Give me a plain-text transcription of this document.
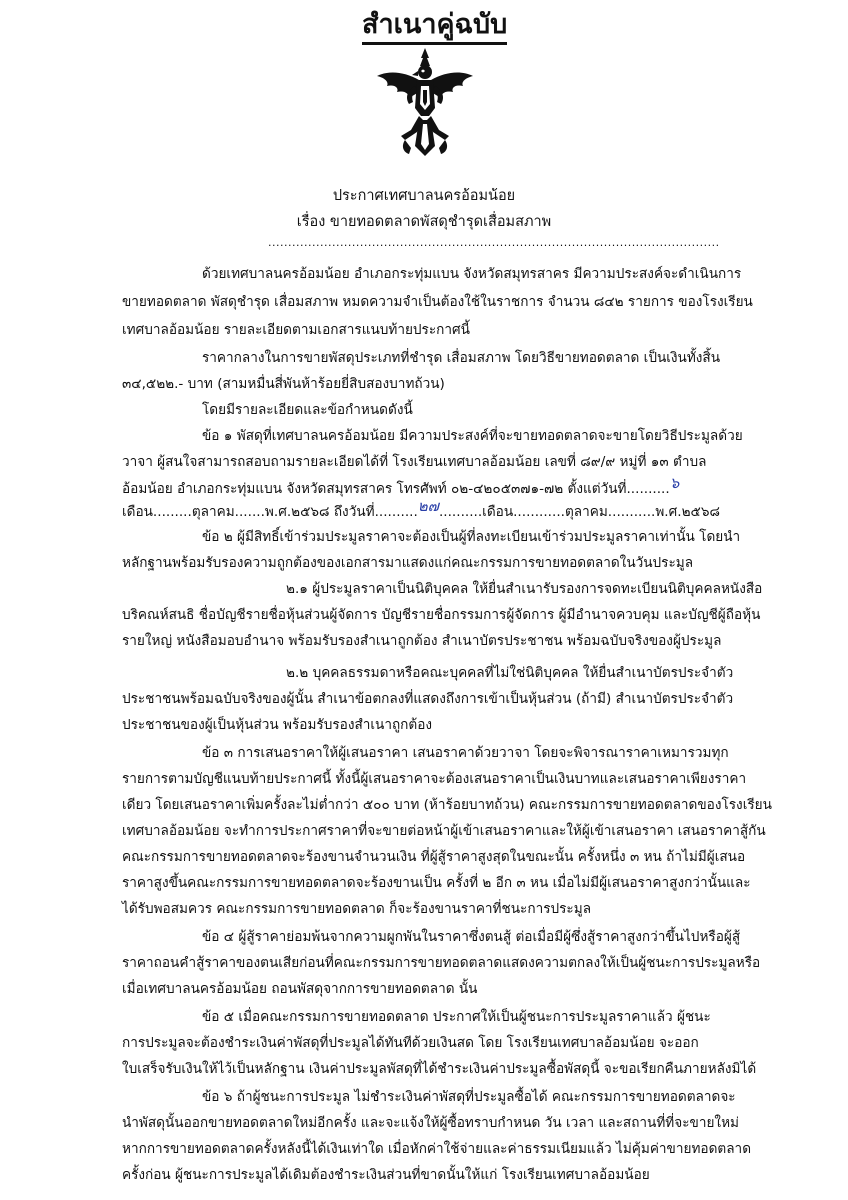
สำเนาคู่ฉบับ
ประกาศเทศบาลนครอ้อมน้อย
เรื่อง ขายทอดตลาดพัสดุชำรุดเสื่อมสภาพ
.................................................................................................................
ด้วยเทศบาลนครอ้อมน้อย อำเภอกระทุ่มแบน จังหวัดสมุทรสาคร มีความประสงค์จะดำเนินการ
ขายทอดตลาด พัสดุชำรุด เสื่อมสภาพ หมดความจำเป็นต้องใช้ในราชการ จำนวน ๘๔๒ รายการ ของโรงเรียน
เทศบาลอ้อมน้อย รายละเอียดตามเอกสารแนบท้ายประกาศนี้
ราคากลางในการขายพัสดุประเภทที่ชำรุด เสื่อมสภาพ โดยวิธีขายทอดตลาด เป็นเงินทั้งสิ้น
๓๔,๕๒๒.- บาท (สามหมื่นสี่พันห้าร้อยยี่สิบสองบาทถ้วน)
โดยมีรายละเอียดและข้อกำหนดดังนี้
ข้อ ๑ พัสดุที่เทศบาลนครอ้อมน้อย มีความประสงค์ที่จะขายทอดตลาดจะขายโดยวิธีประมูลด้วย
วาจา ผู้สนใจสามารถสอบถามรายละเอียดได้ที่ โรงเรียนเทศบาลอ้อมน้อย เลขที่ ๘๙/๙ หมู่ที่ ๑๓ ตำบล
อ้อมน้อย อำเภอกระทุ่มแบน จังหวัดสมุทรสาคร โทรศัพท์ ๐๒-๔๒๐๕๓๗๑-๗๒ ตั้งแต่วันที่..........๖
เดือน.........ตุลาคม.......พ.ศ.๒๕๖๘ ถึงวันที่..........๒๗..........เดือน............ตุลาคม...........พ.ศ.๒๕๖๘
ข้อ ๒ ผู้มีสิทธิ์เข้าร่วมประมูลราคาจะต้องเป็นผู้ที่ลงทะเบียนเข้าร่วมประมูลราคาเท่านั้น โดยนำ
หลักฐานพร้อมรับรองความถูกต้องของเอกสารมาแสดงแก่คณะกรรมการขายทอดตลาดในวันประมูล
๒.๑ ผู้ประมูลราคาเป็นนิติบุคคล ให้ยื่นสำเนารับรองการจดทะเบียนนิติบุคคลหนังสือ
บริคณห์สนธิ ชื่อบัญชีรายชื่อหุ้นส่วนผู้จัดการ บัญชีรายชื่อกรรมการผู้จัดการ ผู้มีอำนาจควบคุม และบัญชีผู้ถือหุ้น
รายใหญ่ หนังสือมอบอำนาจ พร้อมรับรองสำเนาถูกต้อง สำเนาบัตรประชาชน พร้อมฉบับจริงของผู้ประมูล
๒.๒ บุคคลธรรมดาหรือคณะบุคคลที่ไม่ใช่นิติบุคคล ให้ยื่นสำเนาบัตรประจำตัว
ประชาชนพร้อมฉบับจริงของผู้นั้น สำเนาข้อตกลงที่แสดงถึงการเข้าเป็นหุ้นส่วน (ถ้ามี) สำเนาบัตรประจำตัว
ประชาชนของผู้เป็นหุ้นส่วน พร้อมรับรองสำเนาถูกต้อง
ข้อ ๓ การเสนอราคาให้ผู้เสนอราคา เสนอราคาด้วยวาจา โดยจะพิจารณาราคาเหมารวมทุก
รายการตามบัญชีแนบท้ายประกาศนี้ ทั้งนี้ผู้เสนอราคาจะต้องเสนอราคาเป็นเงินบาทและเสนอราคาเพียงราคา
เดียว โดยเสนอราคาเพิ่มครั้งละไม่ต่ำกว่า ๕๐๐ บาท (ห้าร้อยบาทถ้วน) คณะกรรมการขายทอดตลาดของโรงเรียน
เทศบาลอ้อมน้อย จะทำการประกาศราคาที่จะขายต่อหน้าผู้เข้าเสนอราคาและให้ผู้เข้าเสนอราคา เสนอราคาสู้กัน
คณะกรรมการขายทอดตลาดจะร้องขานจำนวนเงิน ที่ผู้สู้ราคาสูงสุดในขณะนั้น ครั้งหนึ่ง ๓ หน ถ้าไม่มีผู้เสนอ
ราคาสูงขึ้นคณะกรรมการขายทอดตลาดจะร้องขานเป็น ครั้งที่ ๒ อีก ๓ หน เมื่อไม่มีผู้เสนอราคาสูงกว่านั้นและ
ได้รับพอสมควร คณะกรรมการขายทอดตลาด ก็จะร้องขานราคาที่ชนะการประมูล
ข้อ ๔ ผู้สู้ราคาย่อมพ้นจากความผูกพันในราคาซึ่งตนสู้ ต่อเมื่อมีผู้ซึ่งสู้ราคาสูงกว่าขึ้นไปหรือผู้สู้
ราคาถอนคำสู้ราคาของตนเสียก่อนที่คณะกรรมการขายทอดตลาดแสดงความตกลงให้เป็นผู้ชนะการประมูลหรือ
เมื่อเทศบาลนครอ้อมน้อย ถอนพัสดุจากการขายทอดตลาด นั้น
ข้อ ๕ เมื่อคณะกรรมการขายทอดตลาด ประกาศให้เป็นผู้ชนะการประมูลราคาแล้ว ผู้ชนะ
การประมูลจะต้องชำระเงินค่าพัสดุที่ประมูลได้ทันทีด้วยเงินสด โดย โรงเรียนเทศบาลอ้อมน้อย จะออก
ใบเสร็จรับเงินให้ไว้เป็นหลักฐาน เงินค่าประมูลพัสดุที่ได้ชำระเงินค่าประมูลซื้อพัสดุนี้ จะขอเรียกคืนภายหลังมิได้
ข้อ ๖ ถ้าผู้ชนะการประมูล ไม่ชำระเงินค่าพัสดุที่ประมูลซื้อได้ คณะกรรมการขายทอดตลาดจะ
นำพัสดุนั้นออกขายทอดตลาดใหม่อีกครั้ง และจะแจ้งให้ผู้ซื้อทราบกำหนด วัน เวลา และสถานที่ที่จะขายใหม่
หากการขายทอดตลาดครั้งหลังนี้ได้เงินเท่าใด เมื่อหักค่าใช้จ่ายและค่าธรรมเนียมแล้ว ไม่คุ้มค่าขายทอดตลาด
ครั้งก่อน ผู้ชนะการประมูลได้เดิมต้องชำระเงินส่วนที่ขาดนั้นให้แก่ โรงเรียนเทศบาลอ้อมน้อย
